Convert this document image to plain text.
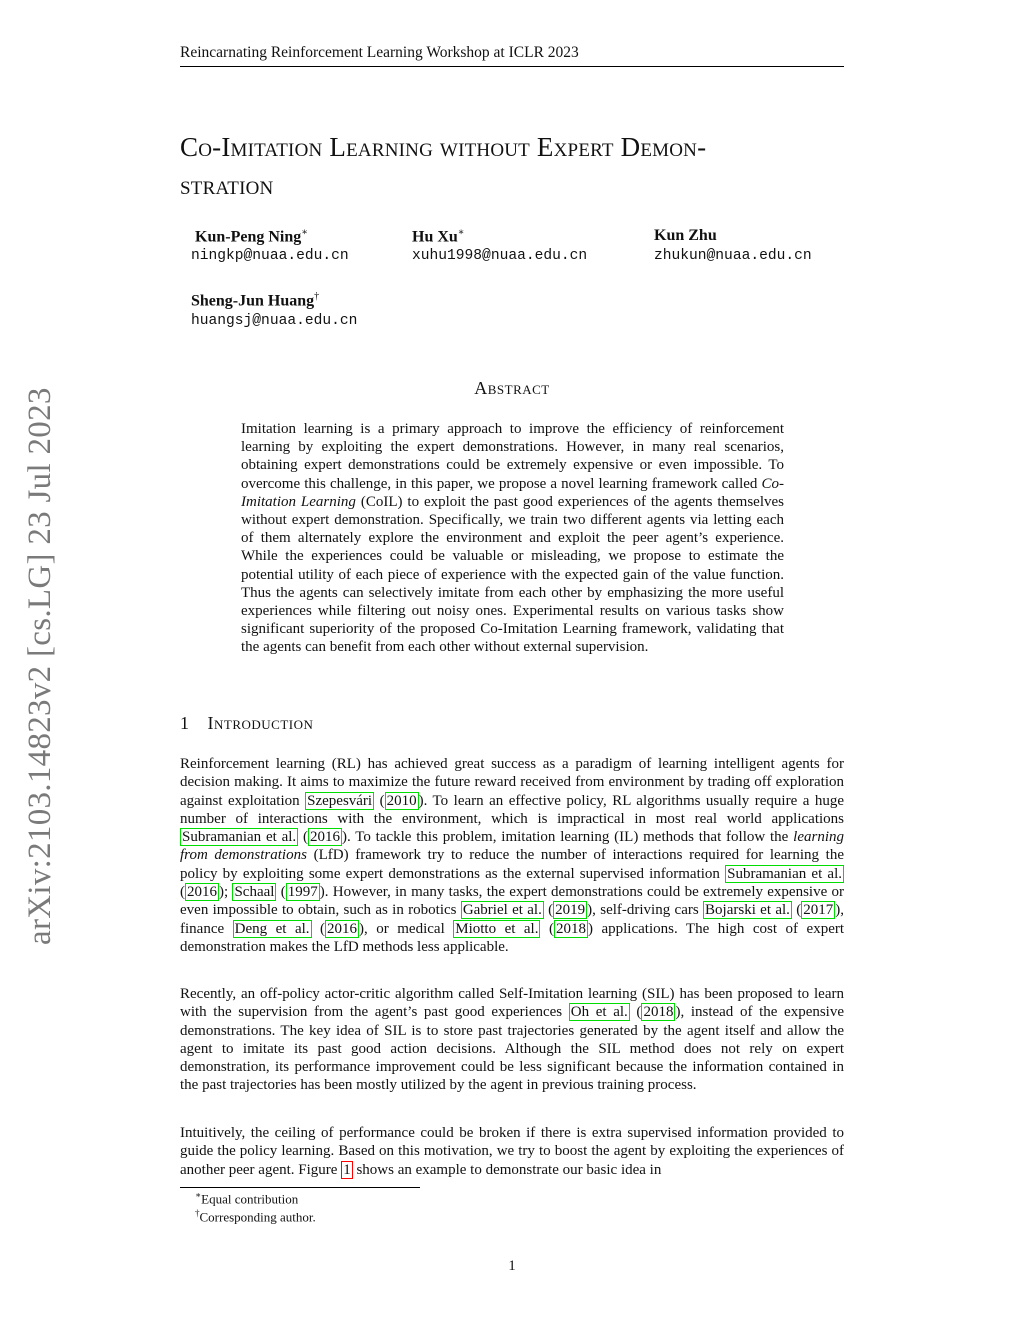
arXiv:2103.14823v2 [cs.LG] 23 Jul 2023
Reincarnating Reinforcement Learning Workshop at ICLR 2023
Co-Imitation Learning without Expert Demon-
stration
Kun-Peng Ning∗
ningkp@nuaa.edu.cn
Hu Xu∗
xuhu1998@nuaa.edu.cn
Kun Zhu
zhukun@nuaa.edu.cn
Sheng-Jun Huang†
huangsj@nuaa.edu.cn
Abstract
Imitation learning is a primary approach to improve the efficiency of reinforcement learning by exploiting the expert demonstrations. However, in many real scenarios, obtaining expert demonstrations could be extremely expensive or even impossible. To overcome this challenge, in this paper, we propose a novel learning framework called Co-Imitation Learning (CoIL) to exploit the past good experiences of the agents themselves without expert demonstration. Specifically, we train two different agents via letting each of them alternately explore the environment and exploit the peer agent’s experience. While the experiences could be valuable or misleading, we propose to estimate the potential utility of each piece of experience with the expected gain of the value function. Thus the agents can selectively imitate from each other by emphasizing the more useful experiences while filtering out noisy ones. Experimental results on various tasks show significant superiority of the proposed Co-Imitation Learning framework, validating that the agents can benefit from each other without external supervision.
1 Introduction

Reinforcement learning (RL) has achieved great success as a paradigm of learning intelligent agents for decision making. It aims to maximize the future reward received from environment by trading off exploration against exploitation Szepesvári ( 2010 ). To learn an effective policy, RL algorithms usually require a huge number of interactions with the environment, which is impractical in most real world applications Subramanian et al. ( 2016 ). To tackle this problem, imitation learning (IL) methods that follow the learning from demonstrations (LfD) framework try to reduce the number of interactions required for learning the policy by exploiting some expert demonstrations as the external supervised information Subramanian et al. ( 2016 ); Schaal ( 1997 ). However, in many tasks, the expert demonstrations could be extremely expensive or even impossible to obtain, such as in robotics Gabriel et al. ( 2019 ), self-driving cars Bojarski et al. ( 2017 ), finance Deng et al. ( 2016 ), or medical Miotto et al. ( 2018 ) applications. The high cost of expert demonstration makes the LfD methods less applicable.

Recently, an off-policy actor-critic algorithm called Self-Imitation learning (SIL) has been proposed to learn with the supervision from the agent’s past good experiences Oh et al. ( 2018 ), instead of the expensive demonstrations. The key idea of SIL is to store past trajectories generated by the agent itself and allow the agent to imitate its past good action decisions. Although the SIL method does not rely on expert demonstration, its performance improvement could be less significant because the information contained in the past trajectories has been mostly utilized by the agent in previous training process.

Intuitively, the ceiling of performance could be broken if there is extra supervised information provided to guide the policy learning. Based on this motivation, we try to boost the agent by exploiting the experiences of another peer agent. Figure 1 shows an example to demonstrate our basic idea in

∗Equal contribution
†Corresponding author.
1
